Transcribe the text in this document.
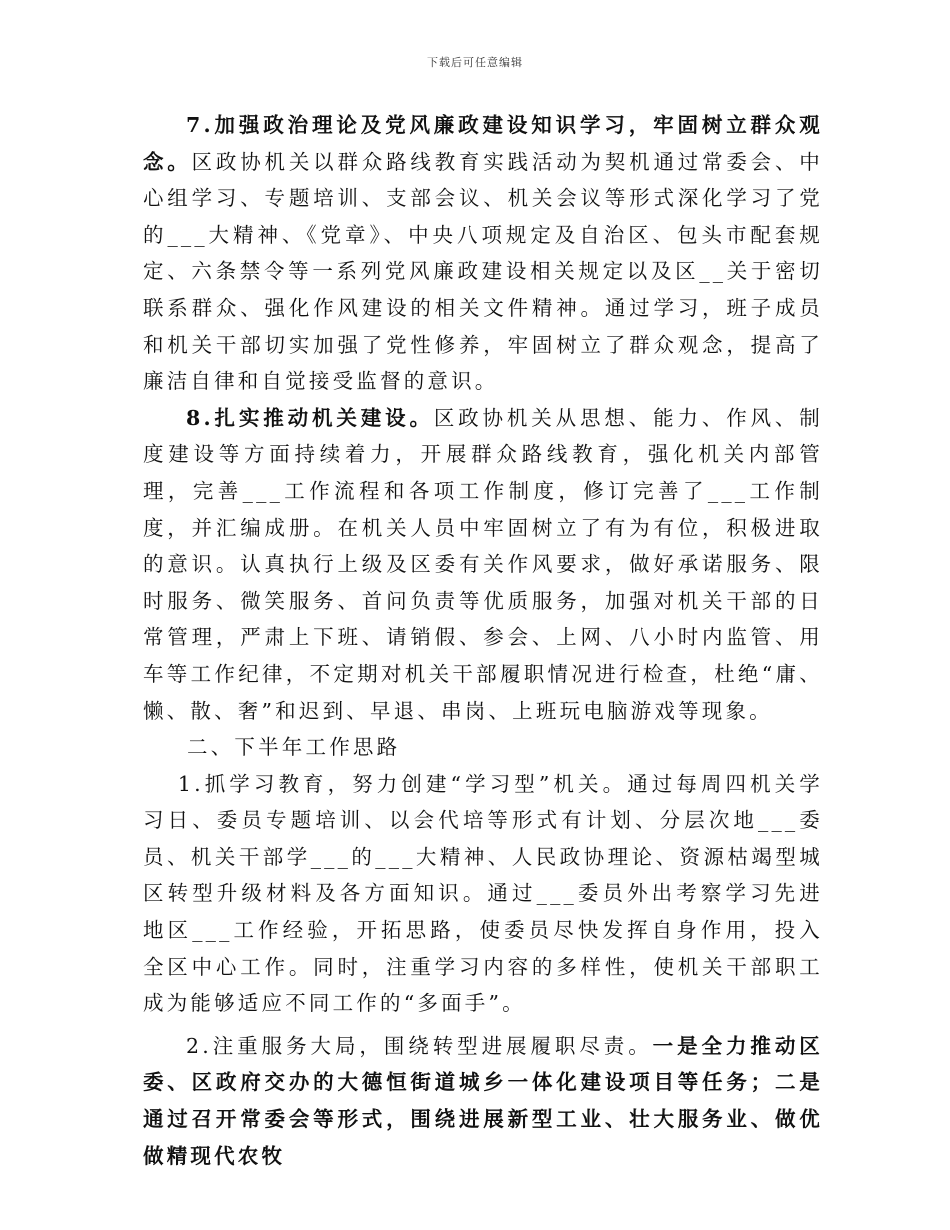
下载后可任意编辑

7.加强政治理论及党风廉政建设知识学习，牢固树立群众观念。区政协机关以群众路线教育实践活动为契机通过常委会、中心组学习、专题培训、支部会议、机关会议等形式深化学习了党的___大精神、《党章》、中央八项规定及自治区、包头市配套规定、六条禁令等一系列党风廉政建设相关规定以及区__关于密切联系群众、强化作风建设的相关文件精神。通过学习，班子成员和机关干部切实加强了党性修养，牢固树立了群众观念，提高了廉洁自律和自觉接受监督的意识。

8.扎实推动机关建设。区政协机关从思想、能力、作风、制度建设等方面持续着力，开展群众路线教育，强化机关内部管理，完善___工作流程和各项工作制度，修订完善了___工作制度，并汇编成册。在机关人员中牢固树立了有为有位，积极进取的意识。认真执行上级及区委有关作风要求，做好承诺服务、限时服务、微笑服务、首问负责等优质服务，加强对机关干部的日常管理，严肃上下班、请销假、参会、上网、八小时内监管、用车等工作纪律，不定期对机关干部履职情况进行检查，杜绝“庸、懒、散、奢”和迟到、早退、串岗、上班玩电脑游戏等现象。

二、下半年工作思路

1.抓学习教育，努力创建“学习型”机关。通过每周四机关学习日、委员专题培训、以会代培等形式有计划、分层次地___委员、机关干部学___的___大精神、人民政协理论、资源枯竭型城区转型升级材料及各方面知识。通过___委员外出考察学习先进地区___工作经验，开拓思路，使委员尽快发挥自身作用，投入全区中心工作。同时，注重学习内容的多样性，使机关干部职工成为能够适应不同工作的“多面手”。

2.注重服务大局，围绕转型进展履职尽责。一是全力推动区委、区政府交办的大德恒街道城乡一体化建设项目等任务；二是通过召开常委会等形式，围绕进展新型工业、壮大服务业、做优做精现代农牧
